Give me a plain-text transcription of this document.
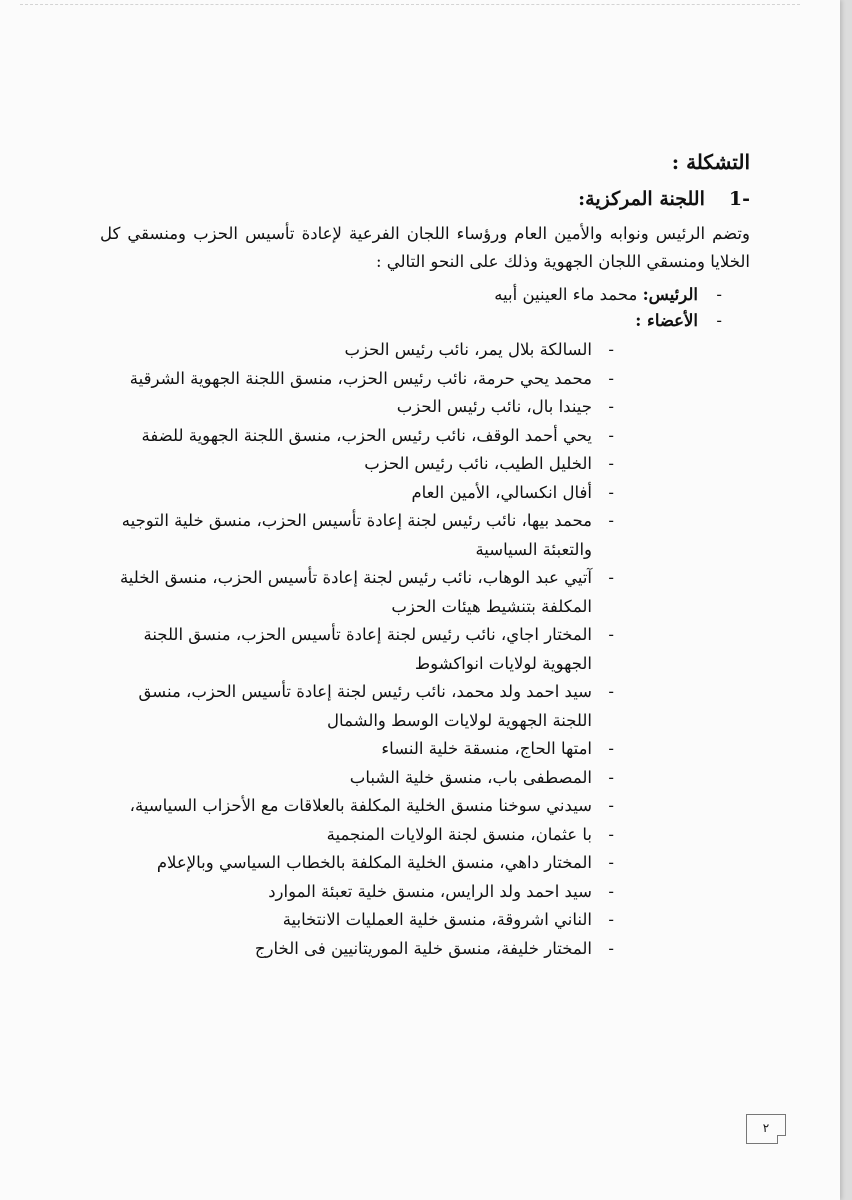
التشكلة :
-1اللجنة المركزية:

وتضم الرئيس ونوابه والأمين العام ورؤساء اللجان الفرعية لإعادة تأسيس الحزب ومنسقي كل الخلايا ومنسقي اللجان الجهوية وذلك على النحو التالي :

- الرئيس: محمد ماء العينين أبيه
- الأعضاء :
- السالكة بلال يمر، نائب رئيس الحزب
- محمد يحي حرمة، نائب رئيس الحزب، منسق اللجنة الجهوية الشرقية
- جيندا بال، نائب رئيس الحزب
- يحي أحمد الوقف، نائب رئيس الحزب، منسق اللجنة الجهوية للضفة
- الخليل الطيب، نائب رئيس الحزب
- أفال انكسالي، الأمين العام
- محمد بيها، نائب رئيس لجنة إعادة تأسيس الحزب، منسق خلية التوجيه والتعبئة السياسية
- آتيي عبد الوهاب، نائب رئيس لجنة إعادة تأسيس الحزب، منسق الخلية المكلفة بتنشيط هيئات الحزب
- المختار اجاي، نائب رئيس لجنة إعادة تأسيس الحزب، منسق اللجنة الجهوية لولايات انواكشوط
- سيد احمد ولد محمد، نائب رئيس لجنة إعادة تأسيس الحزب، منسق اللجنة الجهوية لولايات الوسط والشمال
- امتها الحاج، منسقة خلية النساء
- المصطفى باب، منسق خلية الشباب
- سيدني سوخنا منسق الخلية المكلفة بالعلاقات مع الأحزاب السياسية،
- با عثمان، منسق لجنة الولايات المنجمية
- المختار داهي، منسق الخلية المكلفة بالخطاب السياسي وبالإعلام
- سيد احمد ولد الرايس، منسق خلية تعبئة الموارد
- الناني اشروقة، منسق خلية العمليات الانتخابية
- المختار خليفة، منسق خلية الموريتانيين فى الخارج
٢
